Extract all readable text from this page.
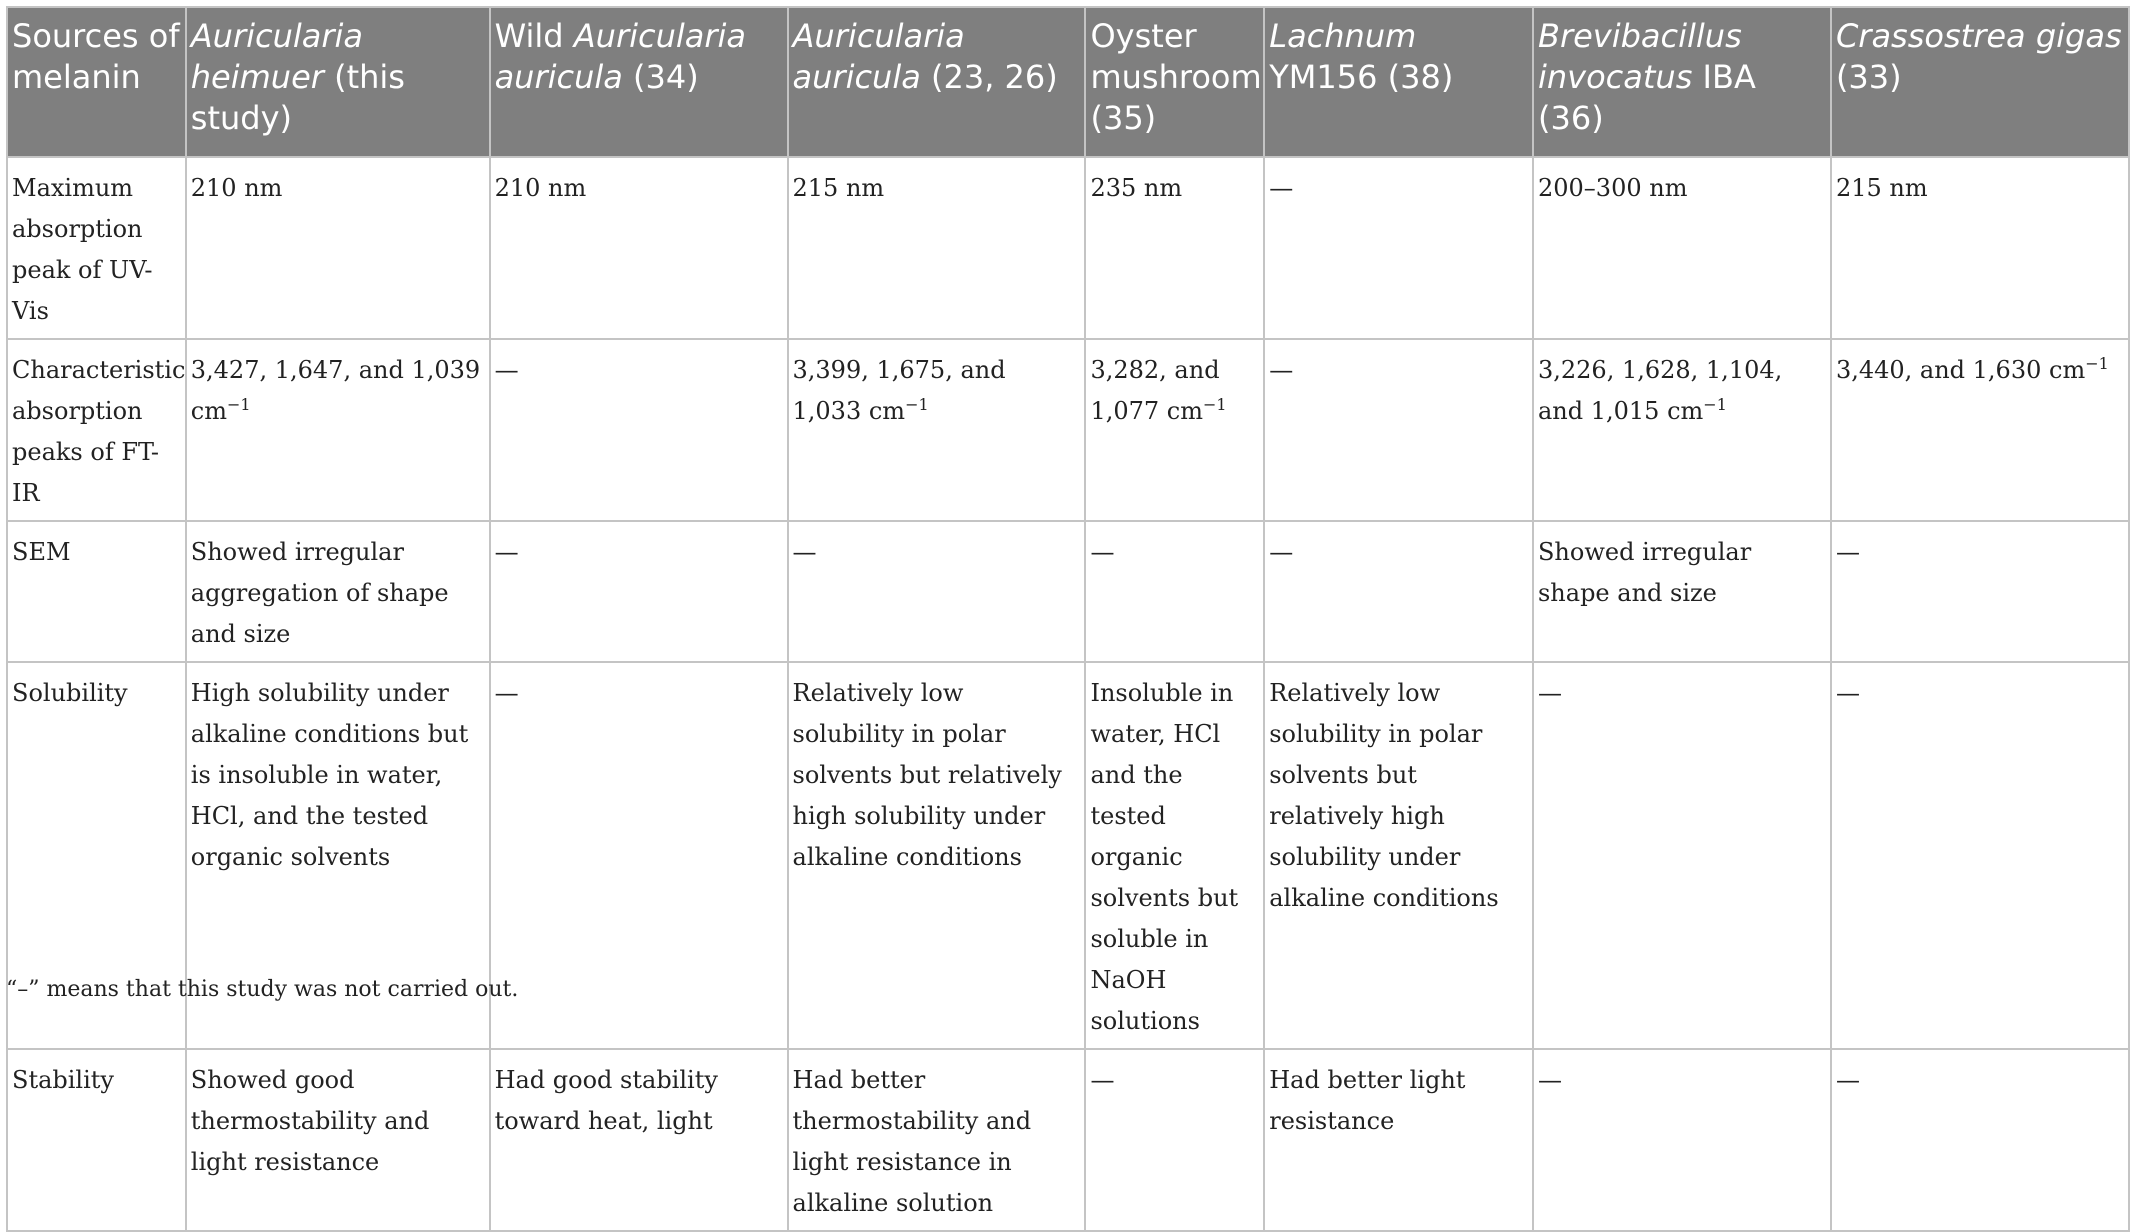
Sources of melanin	Auricularia heimuer (this study)	Wild Auricularia auricula (34)	Auricularia auricula (23, 26)	Oyster mushroom (35)	Lachnum YM156 (38)	Brevibacillus invocatus IBA (36)	Crassostrea gigas (33)
Maximum absorption peak of UV-Vis	210 nm	210 nm	215 nm	235 nm	—	200–300 nm	215 nm
Characteristic absorption peaks of FT-IR	3,427, 1,647, and 1,039 $cm^{-1}$	—	3,399, 1,675, and 1,033 $cm^{-1}$	3,282, and 1,077 $cm^{-1}$	—	3,226, 1,628, 1,104, and 1,015 $cm^{-1}$	3,440, and 1,630 $cm^{-1}$
SEM	Showed irregular aggregation of shape and size	—	—	—	—	Showed irregular shape and size	—
Solubility	High solubility under alkaline conditions but is insoluble in water, HCl, and the tested organic solvents	—	Relatively low solubility in polar solvents but relatively high solubility under alkaline conditions	Insoluble in water, HCl and the tested organic solvents but soluble in NaOH solutions	Relatively low solubility in polar solvents but relatively high solubility under alkaline conditions	—	—
Stability	Showed good thermostability and light resistance	Had good stability toward heat, light	Had better thermostability and light resistance in alkaline solution	—	Had better light resistance	—	—
“–” means that this study was not carried out.
